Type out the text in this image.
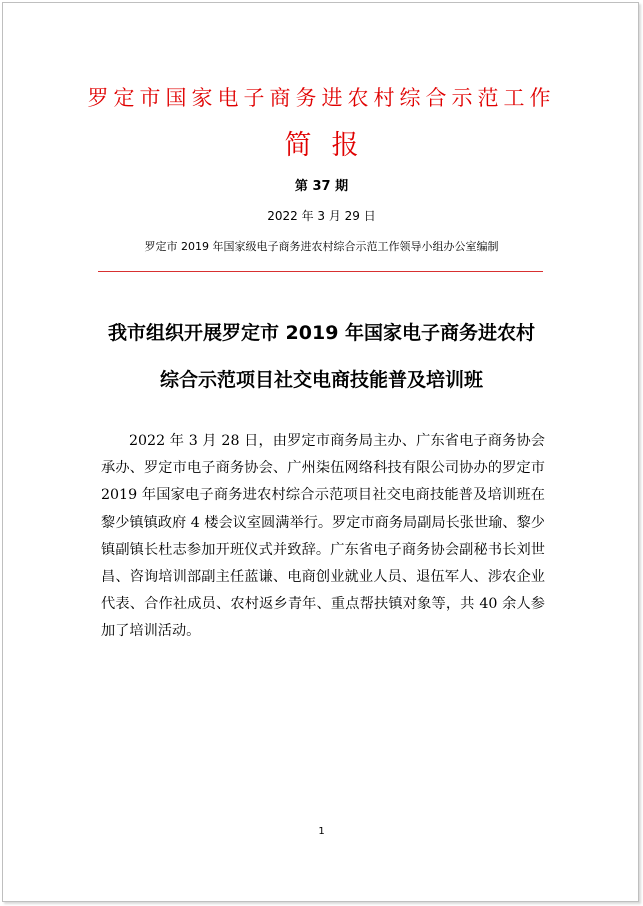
罗定市国家电子商务进农村综合示范工作
简 报
第 37 期
2022 年 3 月 29 日
罗定市 2019 年国家级电子商务进农村综合示范工作领导小组办公室编制
我市组织开展罗定市 2019 年国家电子商务进农村
综合示范项目社交电商技能普及培训班
2022 年 3 月 28 日，由罗定市商务局主办、广东省电子商务协会承办、罗定市电子商务协会、广州柒伍网络科技有限公司协办的罗定市 2019 年国家电子商务进农村综合示范项目社交电商技能普及培训班在黎少镇镇政府 4 楼会议室圆满举行。罗定市商务局副局长张世瑜、黎少镇副镇长杜志参加开班仪式并致辞。广东省电子商务协会副秘书长刘世昌、咨询培训部副主任蓝谦、电商创业就业人员、退伍军人、涉农企业代表、合作社成员、农村返乡青年、重点帮扶镇对象等，共 40 余人参加了培训活动。
1
